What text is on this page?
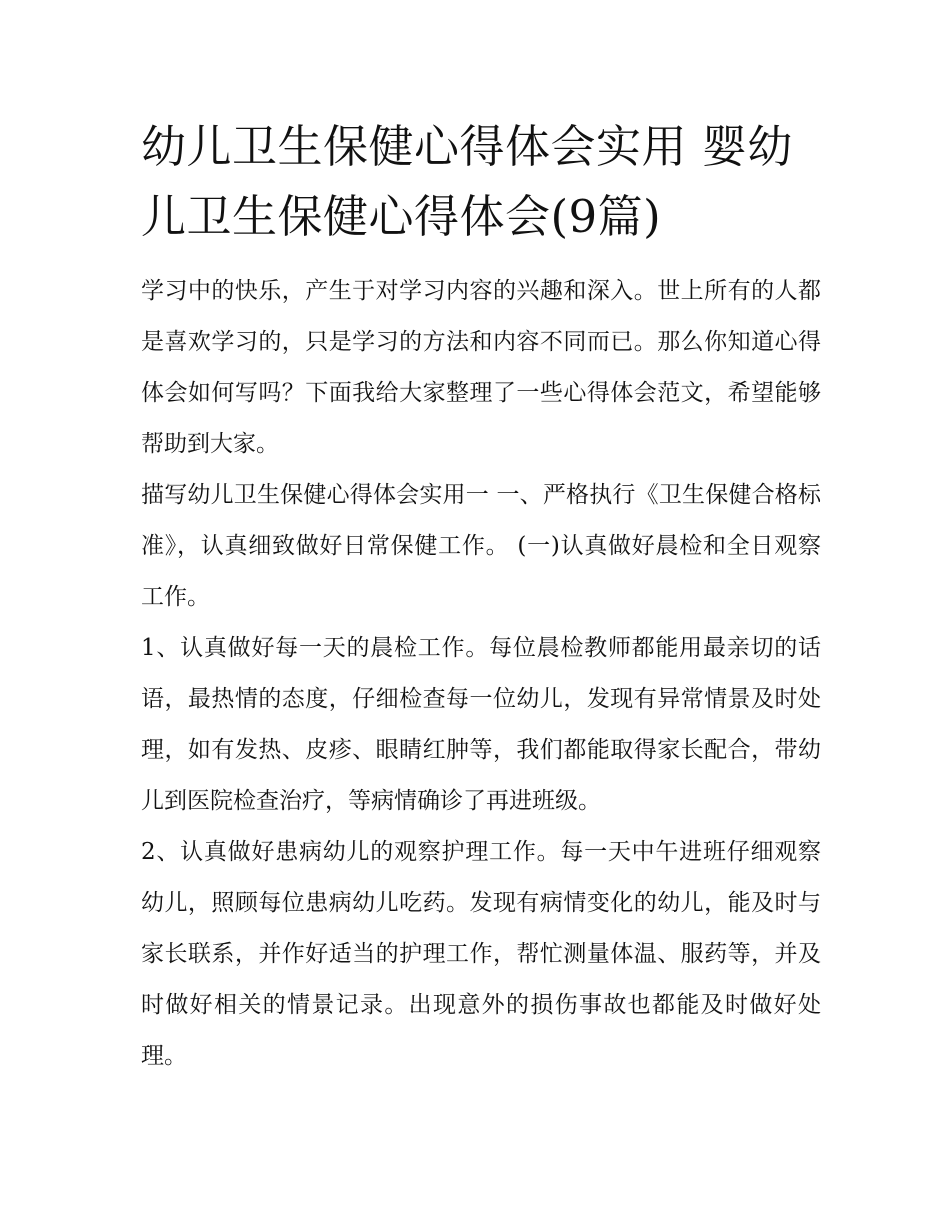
幼儿卫生保健心得体会实用 婴幼儿卫生保健心得体会(9篇)

学习中的快乐，产生于对学习内容的兴趣和深入。世上所有的人都是喜欢学习的，只是学习的方法和内容不同而已。那么你知道心得体会如何写吗？下面我给大家整理了一些心得体会范文，希望能够帮助到大家。

描写幼儿卫生保健心得体会实用一 一、严格执行《卫生保健合格标准》，认真细致做好日常保健工作。 (一)认真做好晨检和全日观察工作。

1、认真做好每一天的晨检工作。每位晨检教师都能用最亲切的话语，最热情的态度，仔细检查每一位幼儿，发现有异常情景及时处理，如有发热、皮疹、眼睛红肿等，我们都能取得家长配合，带幼儿到医院检查治疗，等病情确诊了再进班级。

2、认真做好患病幼儿的观察护理工作。每一天中午进班仔细观察幼儿，照顾每位患病幼儿吃药。发现有病情变化的幼儿，能及时与家长联系，并作好适当的护理工作，帮忙测量体温、服药等，并及时做好相关的情景记录。出现意外的损伤事故也都能及时做好处理。
